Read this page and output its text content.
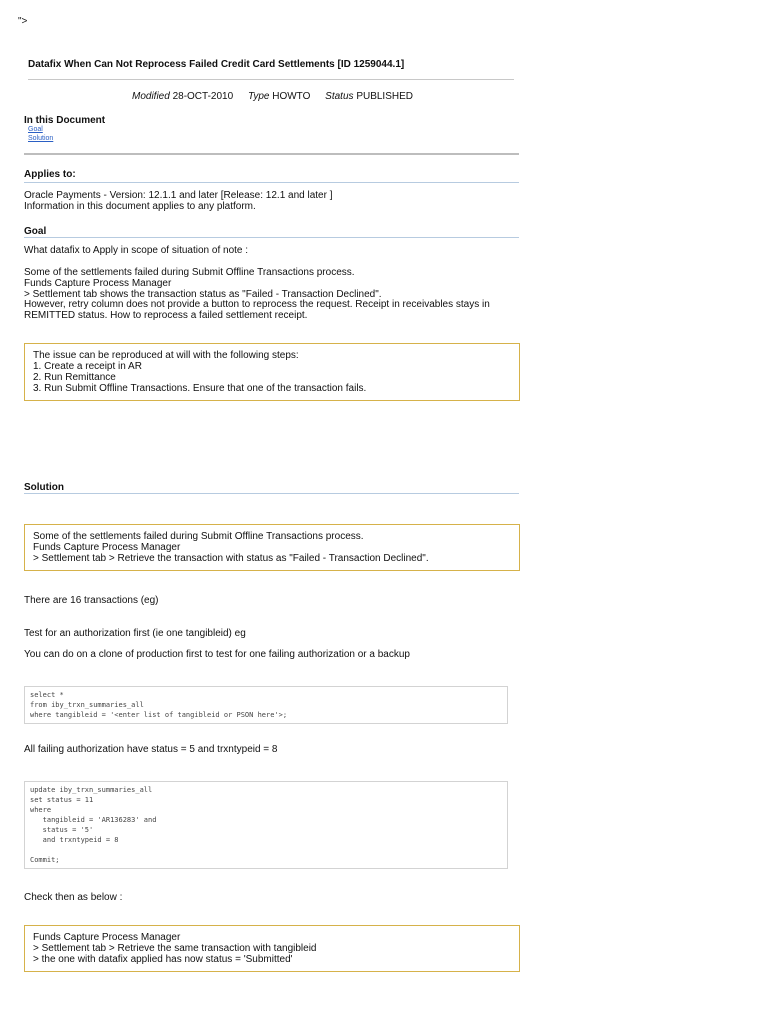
">
Datafix When Can Not Reprocess Failed Credit Card Settlements [ID 1259044.1]
Modified 28-OCT-2010 Type HOWTO Status PUBLISHED
In this Document
Goal
Solution
Applies to:
Oracle Payments - Version: 12.1.1 and later [Release: 12.1 and later ]
Information in this document applies to any platform.
Goal
What datafix to Apply in scope of situation of note :
Some of the settlements failed during Submit Offline Transactions process.
Funds Capture Process Manager
> Settlement tab shows the transaction status as "Failed - Transaction Declined".
However, retry column does not provide a button to reprocess the request. Receipt in receivables stays in
REMITTED status. How to reprocess a failed settlement receipt.
The issue can be reproduced at will with the following steps:
1. Create a receipt in AR
2. Run Remittance
3. Run Submit Offline Transactions. Ensure that one of the transaction fails.
Solution
Some of the settlements failed during Submit Offline Transactions process.
Funds Capture Process Manager
> Settlement tab > Retrieve the transaction with status as "Failed - Transaction Declined".
There are 16 transactions (eg)
Test for an authorization first (ie one tangibleid) eg
You can do on a clone of production first to test for one failing authorization or a backup
select *
from iby_trxn_summaries_all
where tangibleid = '<enter list of tangibleid or PSON here'>;
All failing authorization have status = 5 and trxntypeid = 8
update iby_trxn_summaries_all
set status = 11
where
tangibleid = 'AR136283' and
status = '5'
and trxntypeid = 8

Commit;
Check then as below :
Funds Capture Process Manager
> Settlement tab > Retrieve the same transaction with tangibleid
> the one with datafix applied has now status = 'Submitted'
